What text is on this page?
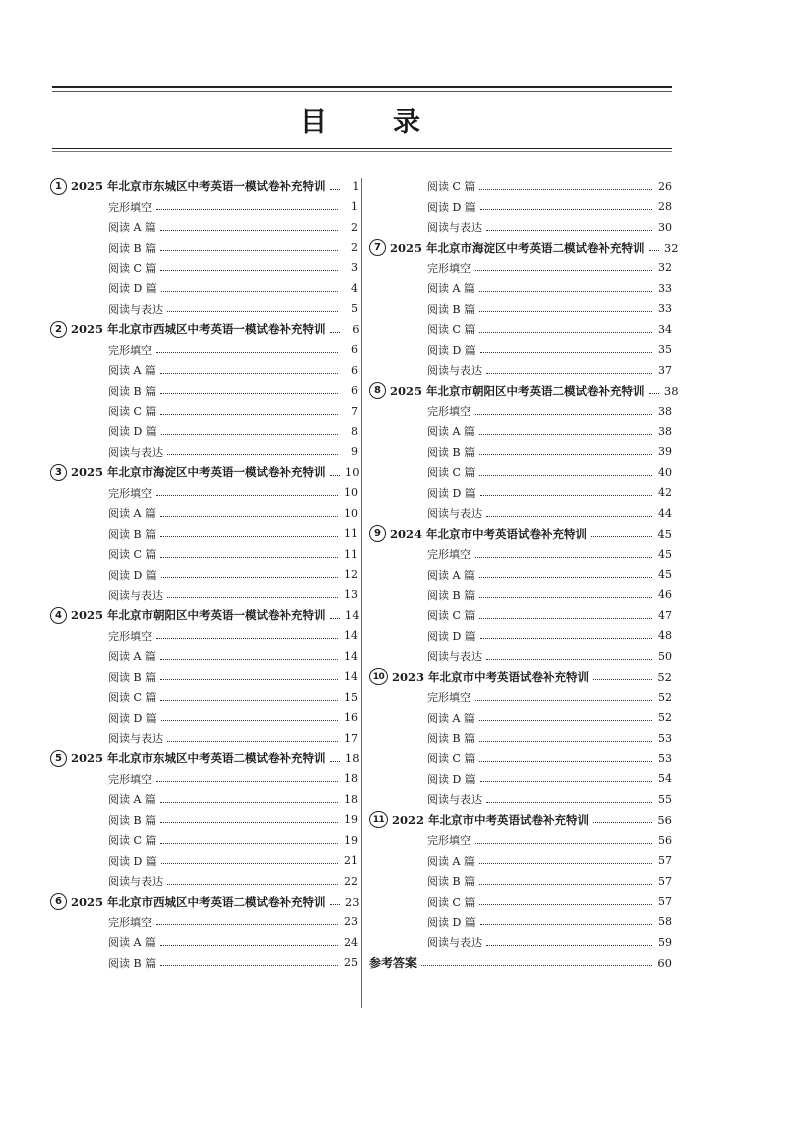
目 录
1 2025 年北京市东城区中考英语一模试卷补充特训	1
完形填空	1
阅读 A 篇	2
阅读 B 篇	2
阅读 C 篇	3
阅读 D 篇	4
阅读与表达	5
2 2025 年北京市西城区中考英语一模试卷补充特训	6
完形填空	6
阅读 A 篇	6
阅读 B 篇	6
阅读 C 篇	7
阅读 D 篇	8
阅读与表达	9
3 2025 年北京市海淀区中考英语一模试卷补充特训 10
完形填空	10
阅读 A 篇	10
阅读 B 篇	11
阅读 C 篇	11
阅读 D 篇	12
阅读与表达	13
4 2025 年北京市朝阳区中考英语一模试卷补充特训 14
完形填空	14
阅读 A 篇	14
阅读 B 篇	14
阅读 C 篇	15
阅读 D 篇	16
阅读与表达	17
5 2025 年北京市东城区中考英语二模试卷补充特训 18
完形填空	18
阅读 A 篇	18
阅读 B 篇	19
阅读 C 篇	19
阅读 D 篇	21
阅读与表达	22
6 2025 年北京市西城区中考英语二模试卷补充特训 23
完形填空	23
阅读 A 篇	24
阅读 B 篇	25
阅读 C 篇	26
阅读 D 篇	28
阅读与表达	30
7 2025 年北京市海淀区中考英语二模试卷补充特训 32
完形填空	32
阅读 A 篇	33
阅读 B 篇	33
阅读 C 篇	34
阅读 D 篇	35
阅读与表达	37
8 2025 年北京市朝阳区中考英语二模试卷补充特训 38
完形填空	38
阅读 A 篇	38
阅读 B 篇	39
阅读 C 篇	40
阅读 D 篇	42
阅读与表达	44
9 2024 年北京市中考英语试卷补充特训	45
完形填空	45
阅读 A 篇	45
阅读 B 篇	46
阅读 C 篇	47
阅读 D 篇	48
阅读与表达	50
10 2023 年北京市中考英语试卷补充特训	52
完形填空	52
阅读 A 篇	52
阅读 B 篇	53
阅读 C 篇	53
阅读 D 篇	54
阅读与表达	55
11 2022 年北京市中考英语试卷补充特训	56
完形填空	56
阅读 A 篇	57
阅读 B 篇	57
阅读 C 篇	57
阅读 D 篇	58
阅读与表达	59
参考答案	60
